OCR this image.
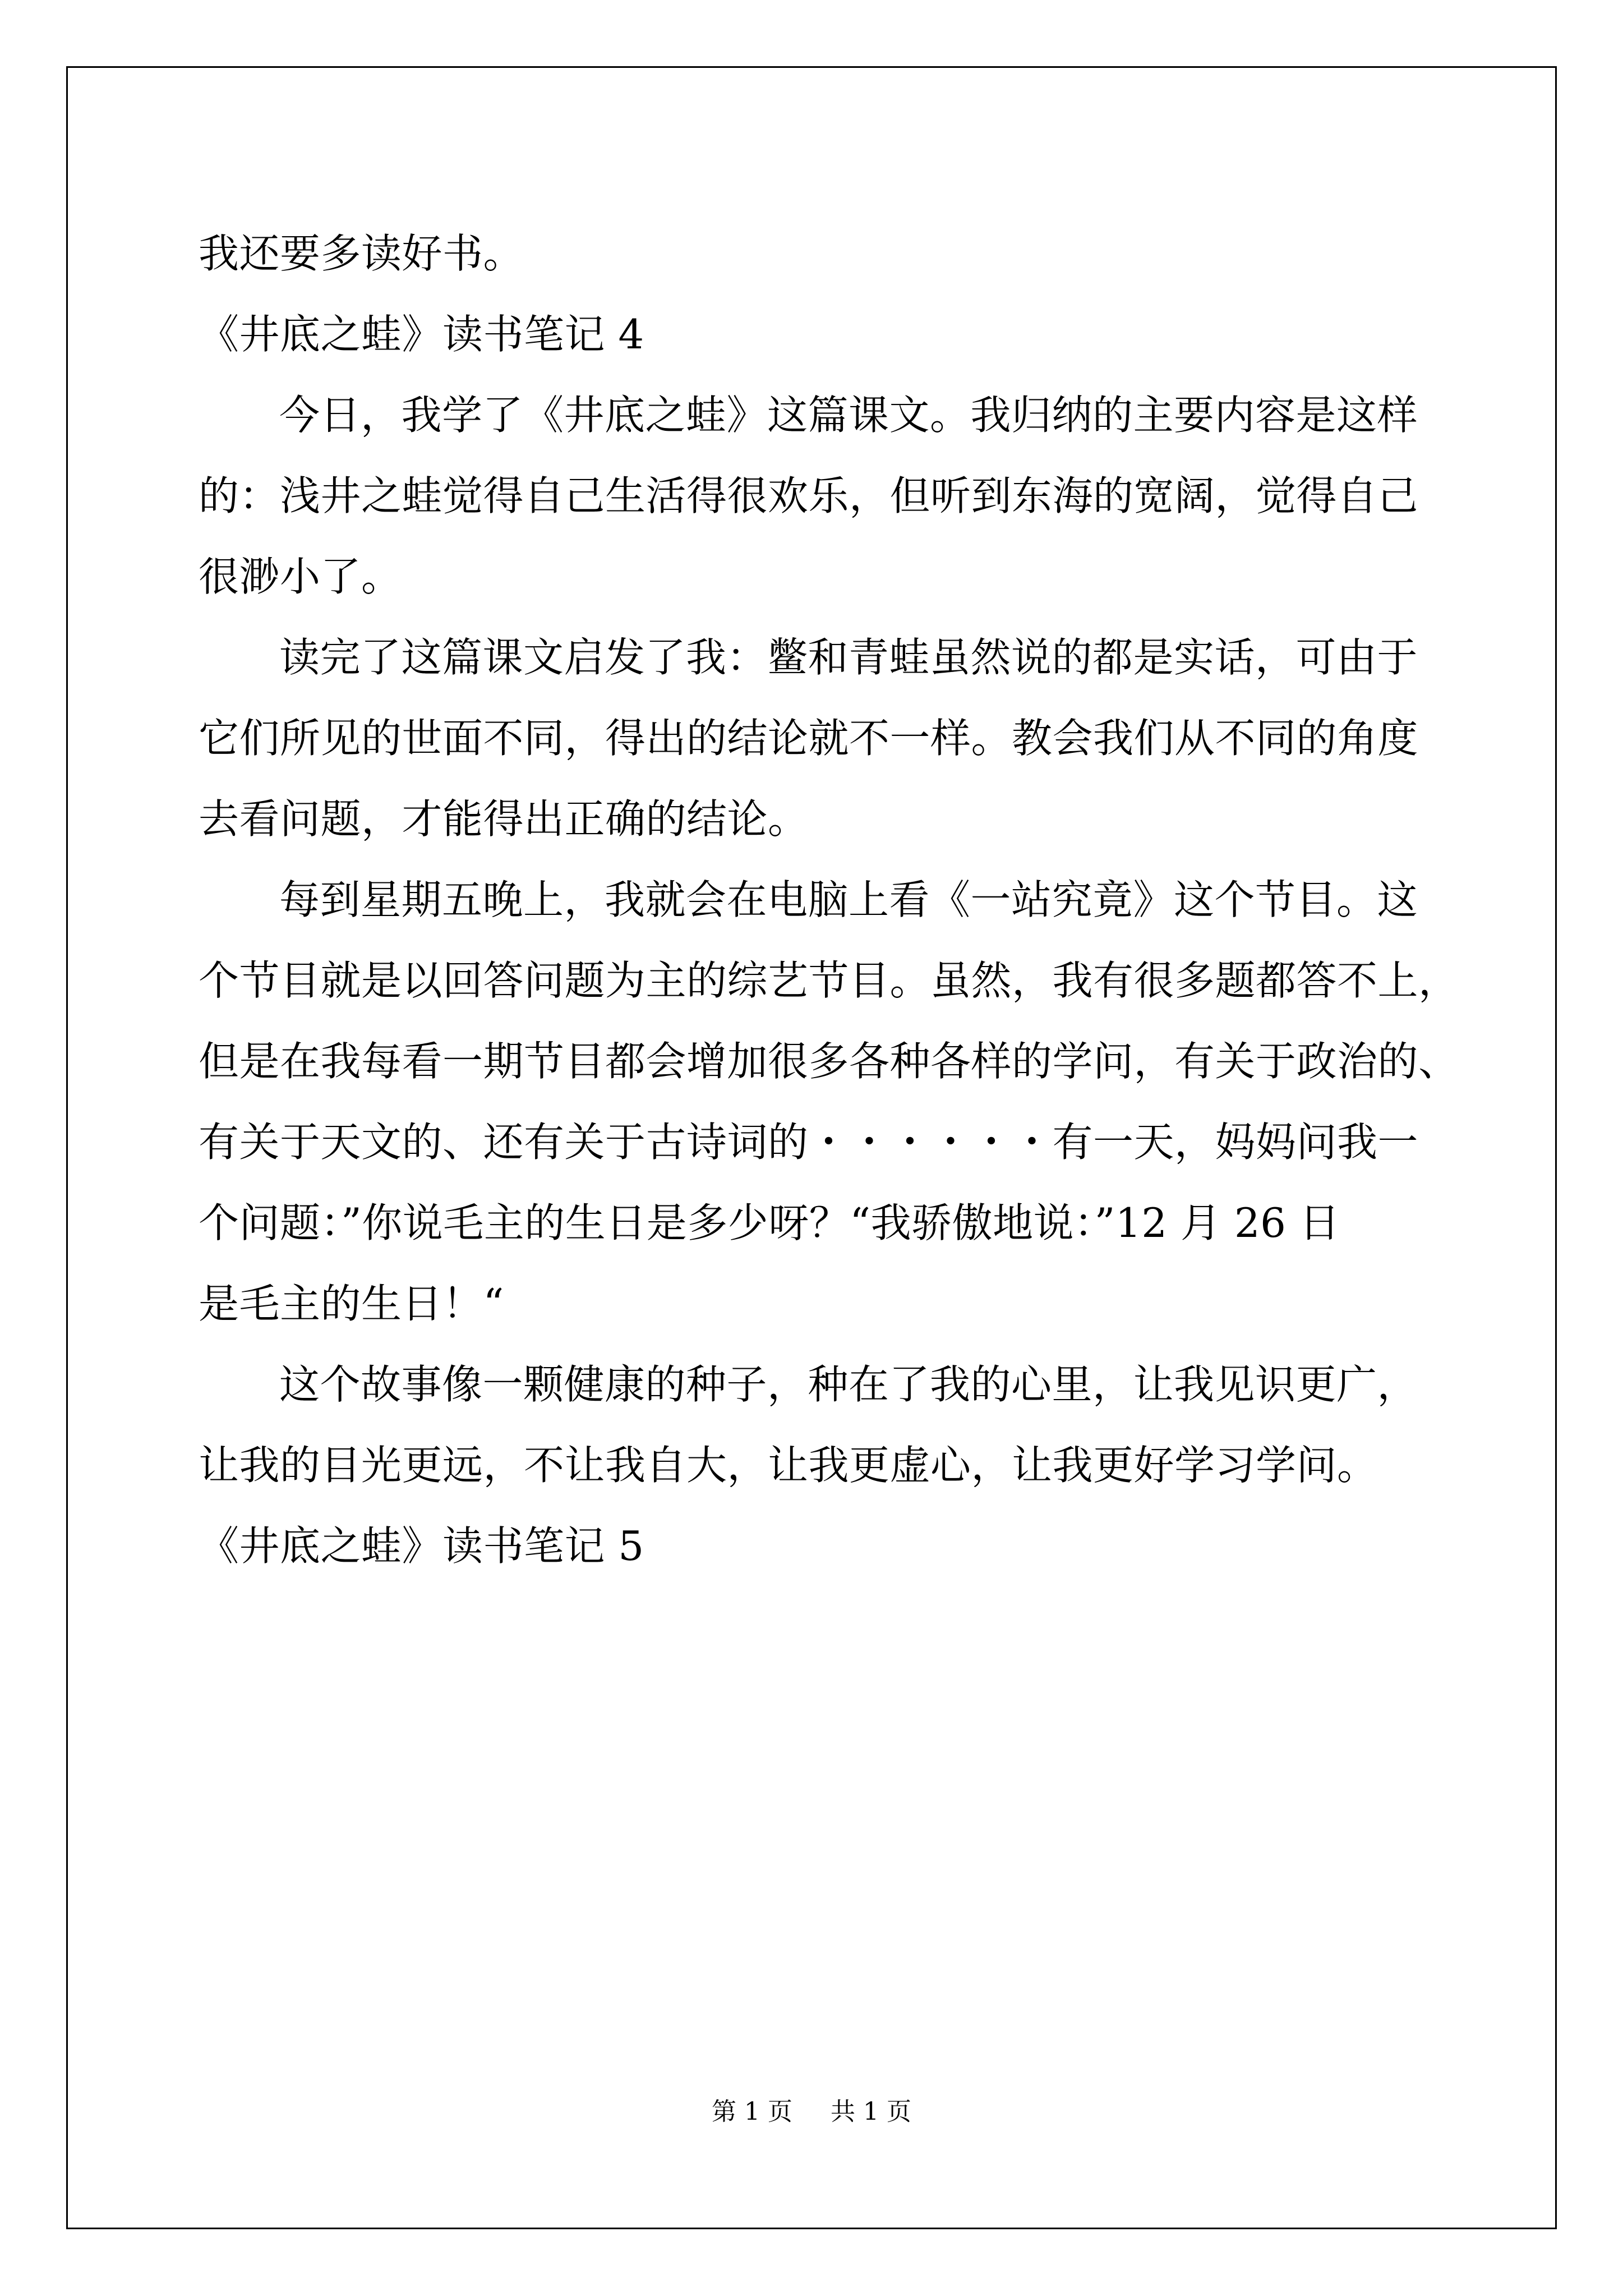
我还要多读好书。
《井底之蛙》读书笔记 4
今日，我学了《井底之蛙》这篇课文。我归纳的主要内容是这样
的：浅井之蛙觉得自己生活得很欢乐，但听到东海的宽阔，觉得自己
很渺小了。
读完了这篇课文启发了我：鳖和青蛙虽然说的都是实话，可由于
它们所见的世面不同，得出的结论就不一样。教会我们从不同的角度
去看问题，才能得出正确的结论。
每到星期五晚上，我就会在电脑上看《一站究竟》这个节目。这
个节目就是以回答问题为主的综艺节目。虽然，我有很多题都答不上，
但是在我每看一期节目都会增加很多各种各样的学问，有关于政治的、
有关于天文的、还有关于古诗词的・・・・・・有一天，妈妈问我一
个问题：”你说毛主的生日是多少呀？“我骄傲地说：”12 月 26 日
是毛主的生日！“
这个故事像一颗健康的种子，种在了我的心里，让我见识更广，
让我的目光更远，不让我自大，让我更虚心，让我更好学习学问。
《井底之蛙》读书笔记 5
第 1 页 共 1 页
